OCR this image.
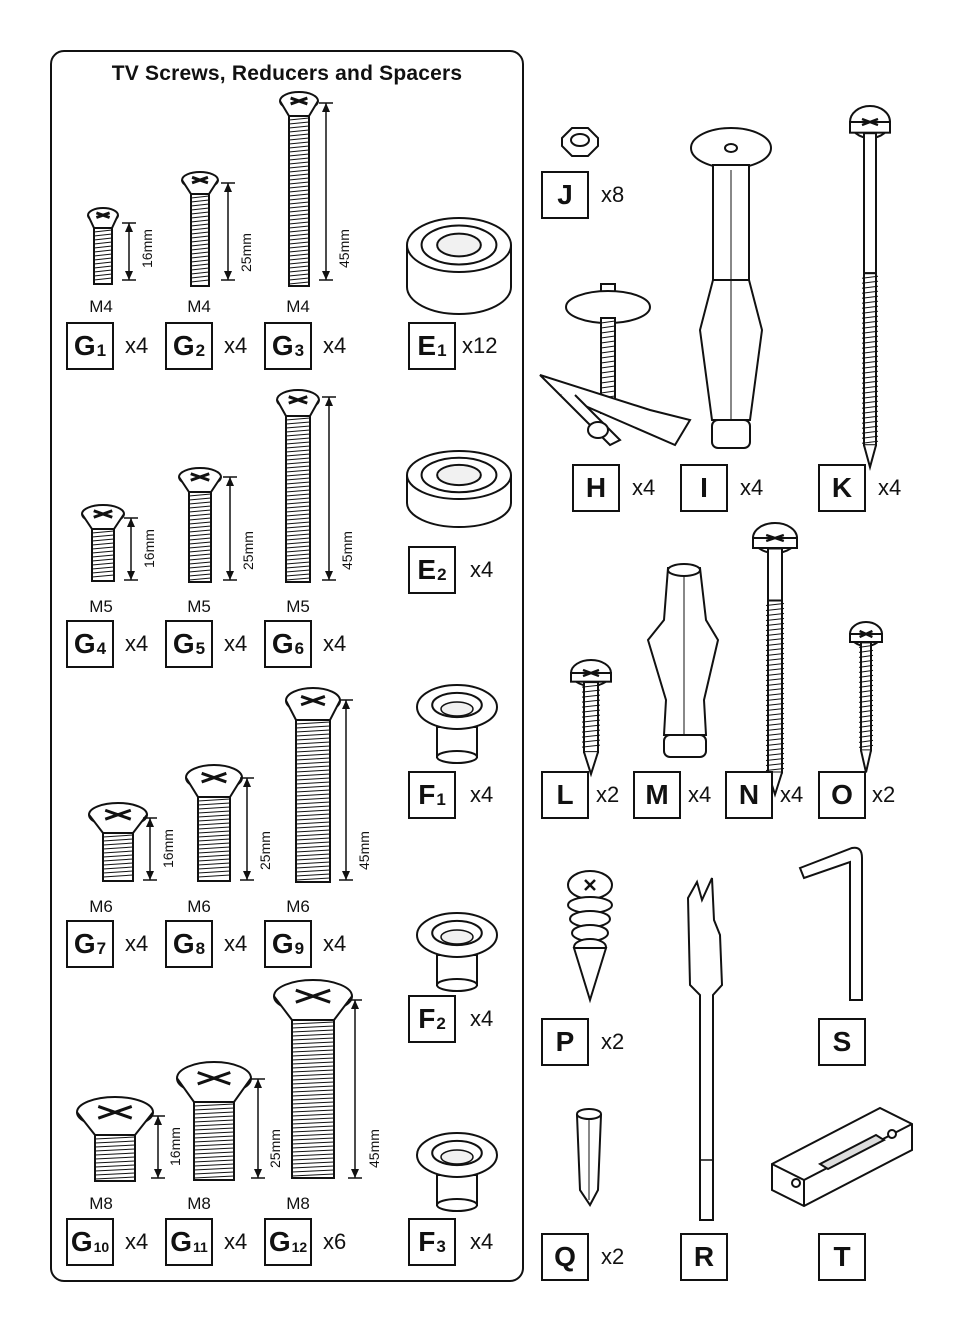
TV Screws, Reducers and Spacers
M4	M4	M4
M5	M5	M5
M6	M6	M6
M8	M8	M8
16mm	25mm	45mm
16mm	25mm	45mm
16mm	25mm	45mm
16mm	25mm	45mm
$G_1$ x4 $G_2$ x4 $G_3$ x4	$E_1$ x12
$G_4$ x4 $G_5$ x4 $G_6$ x4
$E_2$ x4
$G_7$ x4 $G_8$ x4 $G_9$ x4
$F_1$ x4
$F_2$ x4
$G_{10}$ x4 $G_{11}$ x4 $G_{12}$ x6	$F_3$ x4
J	x8
H	x4	I	x4	K	x4
L	x2 M x4 N x4 O x2
P	x2	S
Q	x2	R	T
